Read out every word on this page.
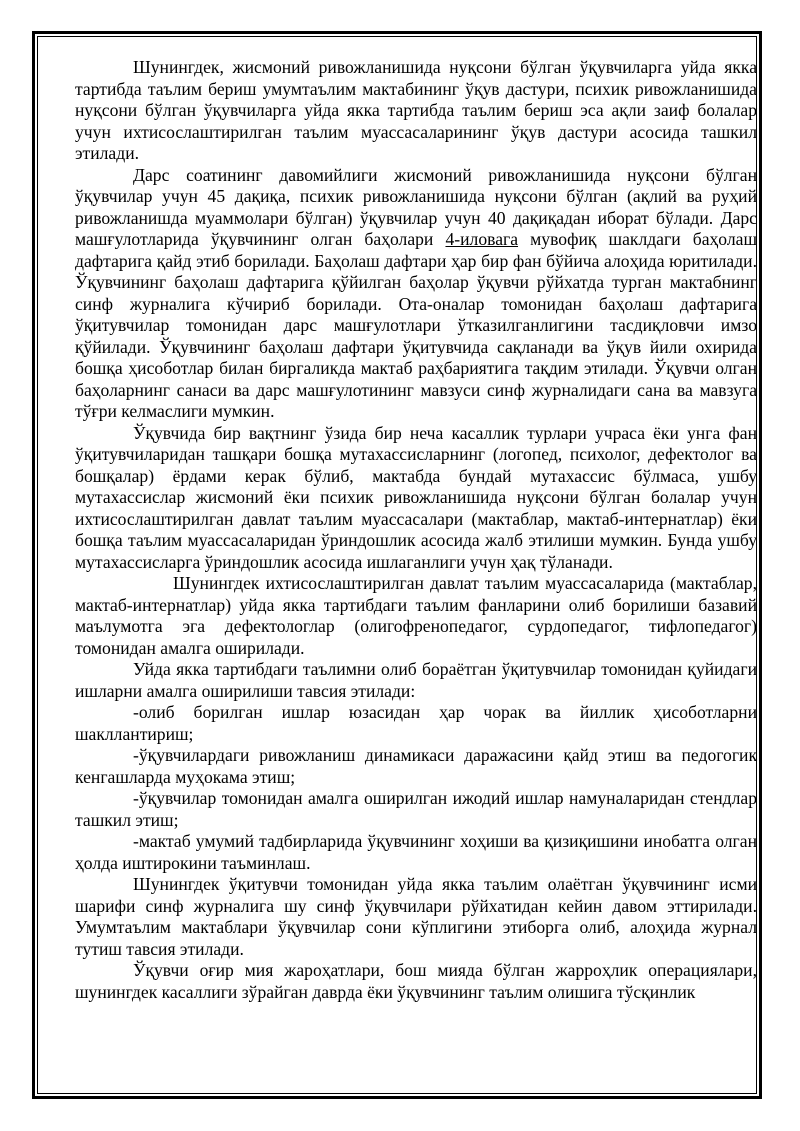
Шунингдек, жисмоний ривожланишида нуқсони бўлган ўқувчиларга уйда якка тартибда таълим бериш умумтаълим мактабининг ўқув дастури, психик ривожланишида нуқсони бўлган ўқувчиларга уйда якка тартибда таълим бериш эса ақли заиф болалар учун ихтисослаштирилган таълим муассасаларининг ўқув дастури асосида ташкил этилади.

Дарс соатининг давомийлиги жисмоний ривожланишида нуқсони бўлган ўқувчилар учун 45 дақиқа, психик ривожланишида нуқсони бўлган (ақлий ва руҳий ривожланишда муаммолари бўлган) ўқувчилар учун 40 дақиқадан иборат бўлади. Дарс машғулотларида ўқувчининг олган баҳолари 4-иловага мувофиқ шаклдаги баҳолаш дафтарига қайд этиб борилади. Баҳолаш дафтари ҳар бир фан бўйича алоҳида юритилади. Ўқувчининг баҳолаш дафтарига қўйилган баҳолар ўқувчи рўйхатда турган мактабнинг синф журналига кўчириб борилади. Ота-оналар томонидан баҳолаш дафтарига ўқитувчилар томонидан дарс машғулотлари ўтказилганлигини тасдиқловчи имзо қўйилади. Ўқувчининг баҳолаш дафтари ўқитувчида сақланади ва ўқув йили охирида бошқа ҳисоботлар билан биргаликда мактаб раҳбариятига тақдим этилади. Ўқувчи олган баҳоларнинг санаси ва дарс машғулотининг мавзуси синф журналидаги сана ва мавзуга тўғри келмаслиги мумкин.

Ўқувчида бир вақтнинг ўзида бир неча касаллик турлари учраса ёки унга фан ўқитувчиларидан ташқари бошқа мутахассисларнинг (логопед, психолог, дефектолог ва бошқалар) ёрдами керак бўлиб, мактабда бундай мутахассис бўлмаса, ушбу мутахассислар жисмоний ёки психик ривожланишида нуқсони бўлган болалар учун ихтисослаштирилган давлат таълим муассасалари (мактаблар, мактаб-интернатлар) ёки бошқа таълим муассасаларидан ўриндошлик асосида жалб этилиши мумкин. Бунда ушбу мутахассисларга ўриндошлик асосида ишлаганлиги учун ҳақ тўланади.

Шунингдек ихтисослаштирилган давлат таълим муассасаларида (мактаблар, мактаб-интернатлар) уйда якка тартибдаги таълим фанларини олиб борилиши базавий маълумотга эга дефектологлар (олигофренопедагог, сурдопедагог, тифлопедагог) томонидан амалга оширилади.

Уйда якка тартибдаги таълимни олиб бораётган ўқитувчилар томонидан қуйидаги ишларни амалга оширилиши тавсия этилади:

-олиб борилган ишлар юзасидан ҳар чорак ва йиллик ҳисоботларни шакллантириш;

-ўқувчилардаги ривожланиш динамикаси даражасини қайд этиш ва педогогик кенгашларда муҳокама этиш;

-ўқувчилар томонидан амалга оширилган ижодий ишлар намуналаридан стендлар ташкил этиш;

-мактаб умумий тадбирларида ўқувчининг хоҳиши ва қизиқишини инобатга олган ҳолда иштирокини таъминлаш.

Шунингдек ўқитувчи томонидан уйда якка таълим олаётган ўқувчининг исми шарифи синф журналига шу синф ўқувчилари рўйхатидан кейин давом эттирилади. Умумтаълим мактаблари ўқувчилар сони кўплигини этиборга олиб, алоҳида журнал тутиш тавсия этилади.

Ўқувчи оғир мия жароҳатлари, бош мияда бўлган жарроҳлик операциялари, шунингдек касаллиги зўрайган даврда ёки ўқувчининг таълим олишига тўсқинлик
